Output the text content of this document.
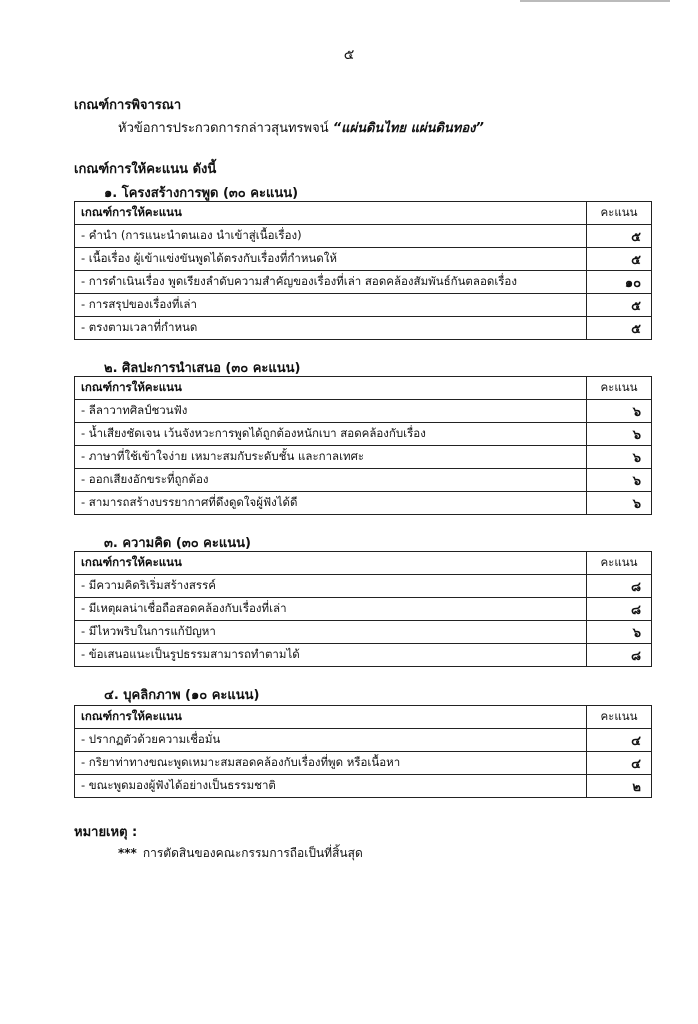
๕
เกณฑ์การพิจารณา
หัวข้อการประกวดการกล่าวสุนทรพจน์ “แผ่นดินไทย แผ่นดินทอง”
เกณฑ์การให้คะแนน ดังนี้
๑. โครงสร้างการพูด (๓๐ คะแนน)
เกณฑ์การให้คะแนน	คะแนน
- คำนำ (การแนะนำตนเอง นำเข้าสู่เนื้อเรื่อง)	๕
- เนื้อเรื่อง ผู้เข้าแข่งขันพูดได้ตรงกับเรื่องที่กำหนดให้	๕
- การดำเนินเรื่อง พูดเรียงลำดับความสำคัญของเรื่องที่เล่า สอดคล้องสัมพันธ์กันตลอดเรื่อง	๑๐
- การสรุปของเรื่องที่เล่า	๕
- ตรงตามเวลาที่กำหนด	๕
๒. ศิลปะการนำเสนอ (๓๐ คะแนน)
เกณฑ์การให้คะแนน	คะแนน
- ลีลาวาทศิลป์ชวนฟัง	๖
- น้ำเสียงชัดเจน เว้นจังหวะการพูดได้ถูกต้องหนักเบา สอดคล้องกับเรื่อง	๖
- ภาษาที่ใช้เข้าใจง่าย เหมาะสมกับระดับชั้น และกาลเทศะ	๖
- ออกเสียงอักขระที่ถูกต้อง	๖
- สามารถสร้างบรรยากาศที่ดึงดูดใจผู้ฟังได้ดี	๖
๓. ความคิด (๓๐ คะแนน)
เกณฑ์การให้คะแนน	คะแนน
- มีความคิดริเริ่มสร้างสรรค์	๘
- มีเหตุผลน่าเชื่อถือสอดคล้องกับเรื่องที่เล่า	๘
- มีไหวพริบในการแก้ปัญหา	๖
- ข้อเสนอแนะเป็นรูปธรรมสามารถทำตามได้	๘
๔. บุคลิกภาพ (๑๐ คะแนน)
เกณฑ์การให้คะแนน	คะแนน
- ปรากฏตัวด้วยความเชื่อมั่น	๔
- กริยาท่าทางขณะพูดเหมาะสมสอดคล้องกับเรื่องที่พูด หรือเนื้อหา	๔
- ขณะพูดมองผู้ฟังได้อย่างเป็นธรรมชาติ	๒
หมายเหตุ :
*** การตัดสินของคณะกรรมการถือเป็นที่สิ้นสุด
